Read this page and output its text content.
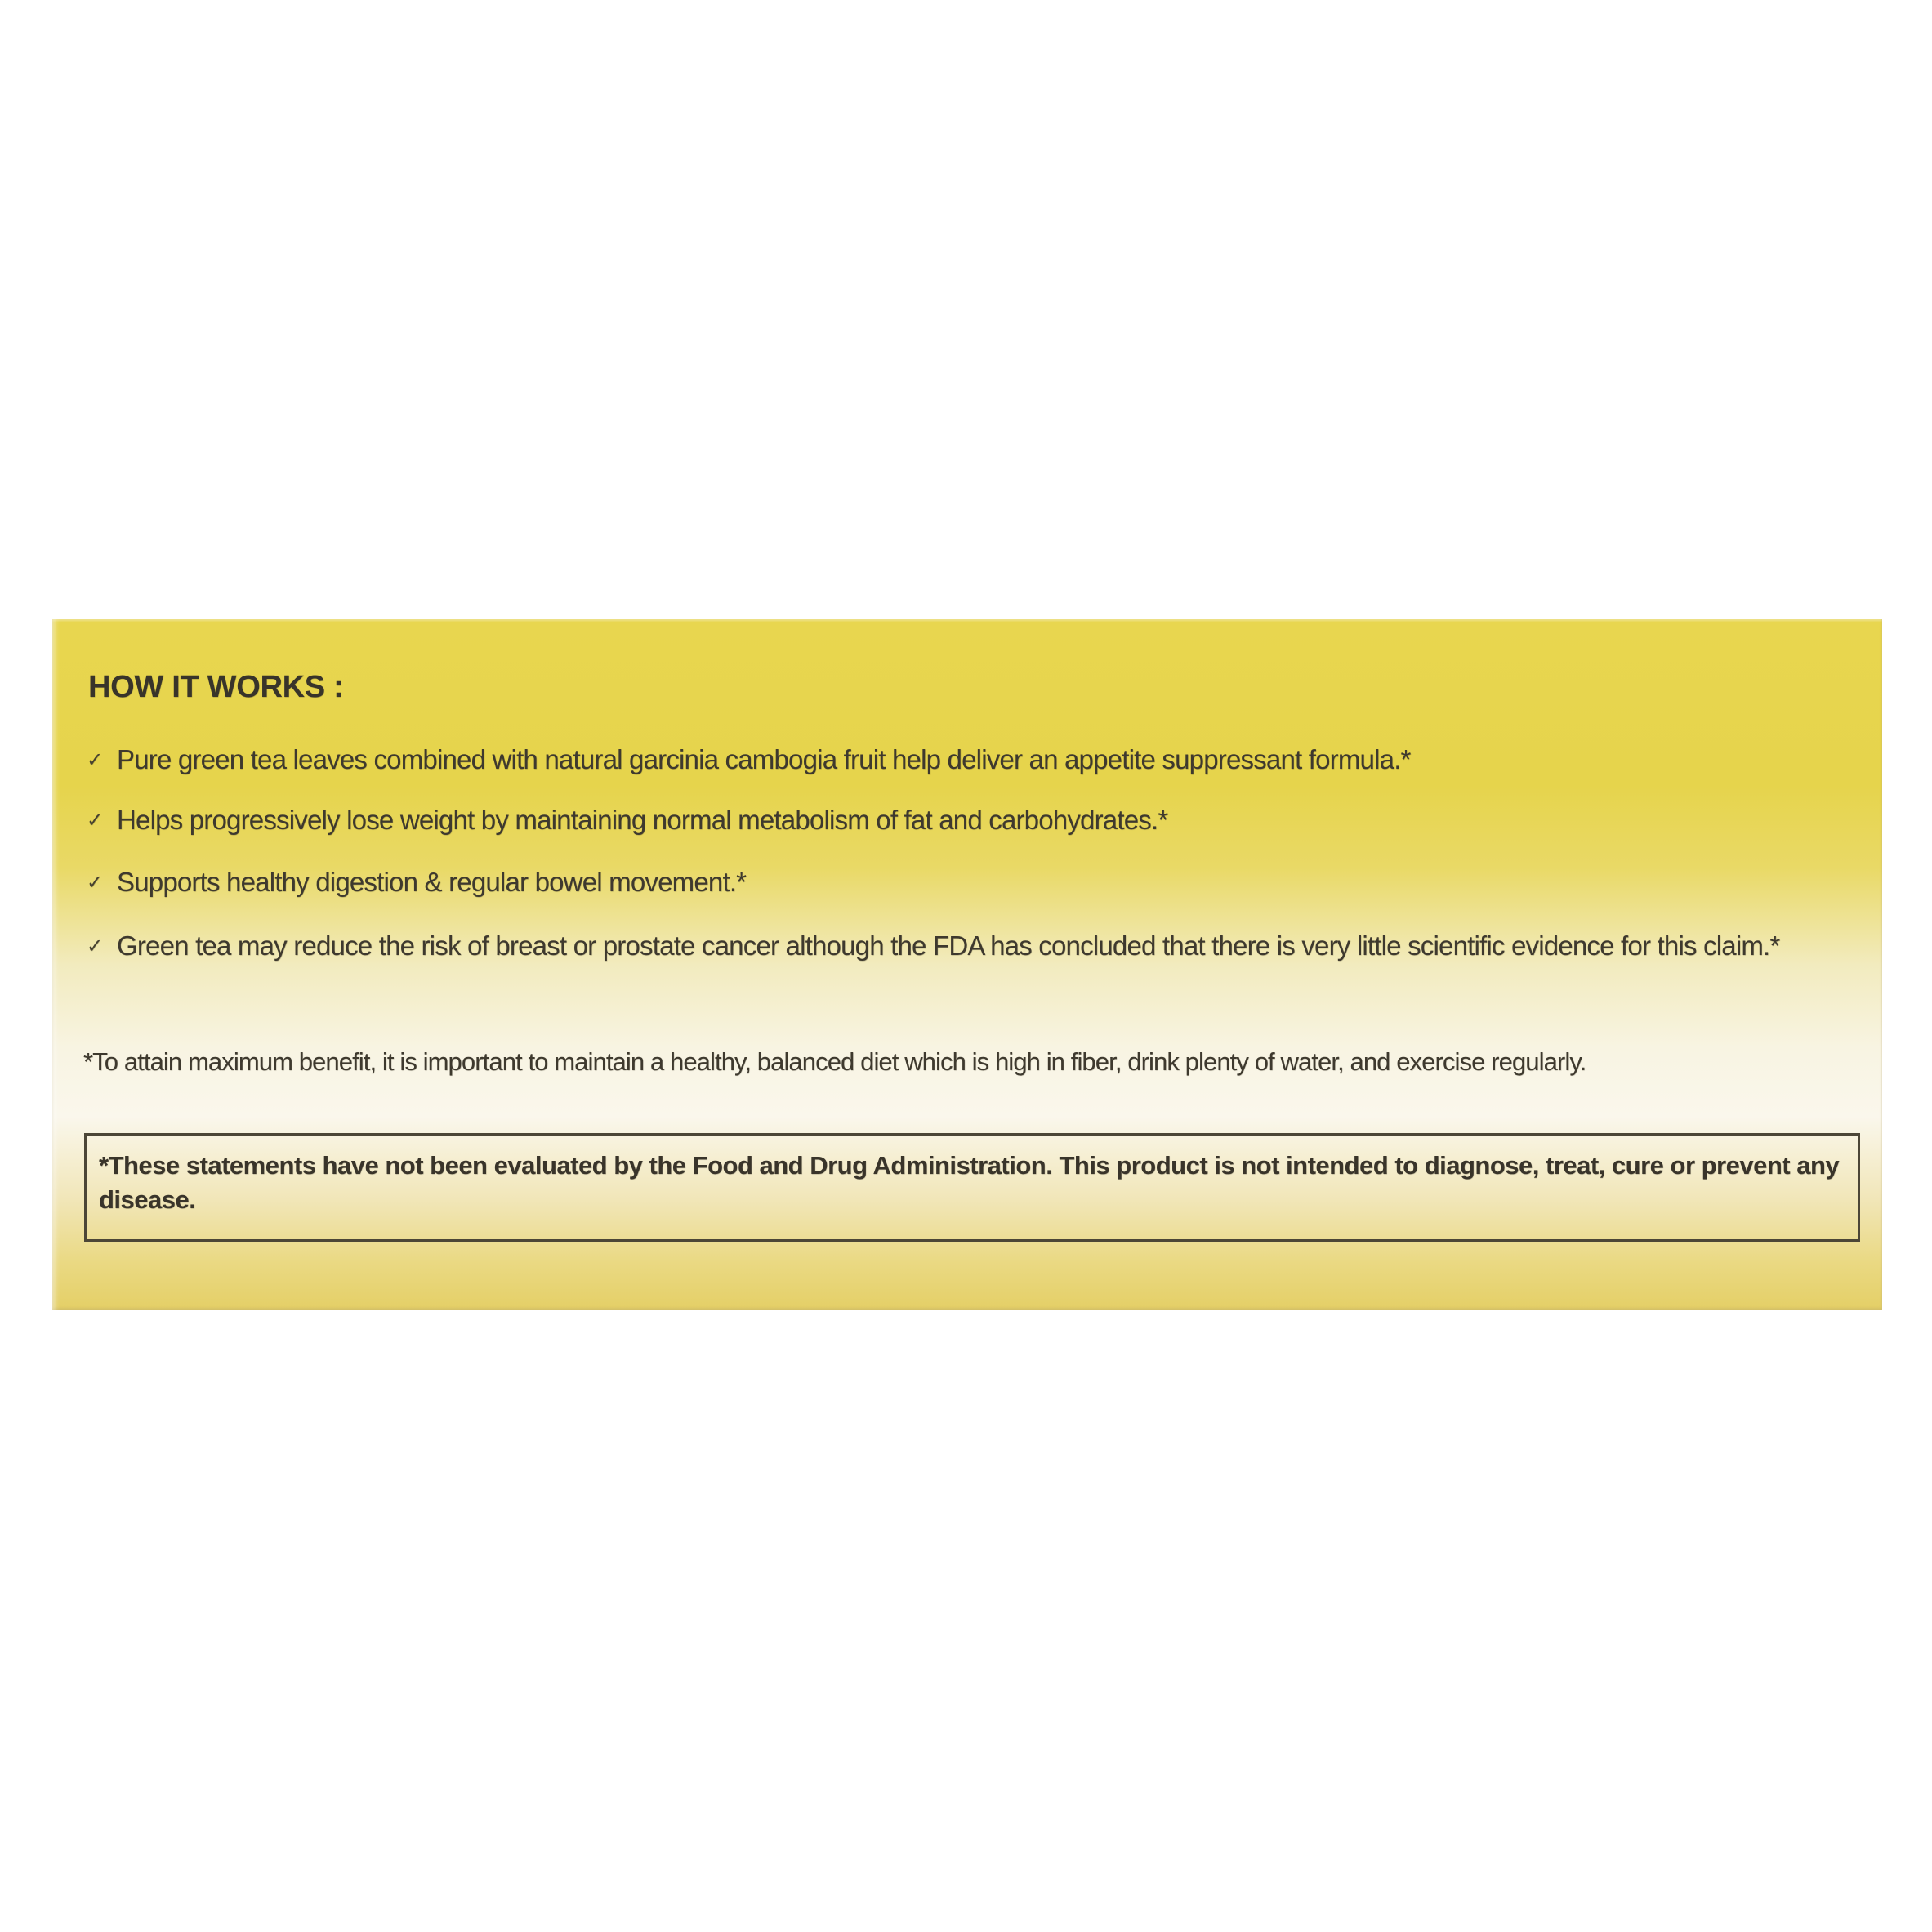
HOW IT WORKS :
✓ Pure green tea leaves combined with natural garcinia cambogia fruit help deliver an appetite suppressant formula.*
✓ Helps progressively lose weight by maintaining normal metabolism of fat and carbohydrates.*
✓ Supports healthy digestion & regular bowel movement.*
✓ Green tea may reduce the risk of breast or prostate cancer although the FDA has concluded that there is very little scientific evidence for this claim.*
*To attain maximum benefit, it is important to maintain a healthy, balanced diet which is high in fiber, drink plenty of water, and exercise regularly.
*These statements have not been evaluated by the Food and Drug Administration. This product is not intended to diagnose, treat, cure or prevent any disease.
